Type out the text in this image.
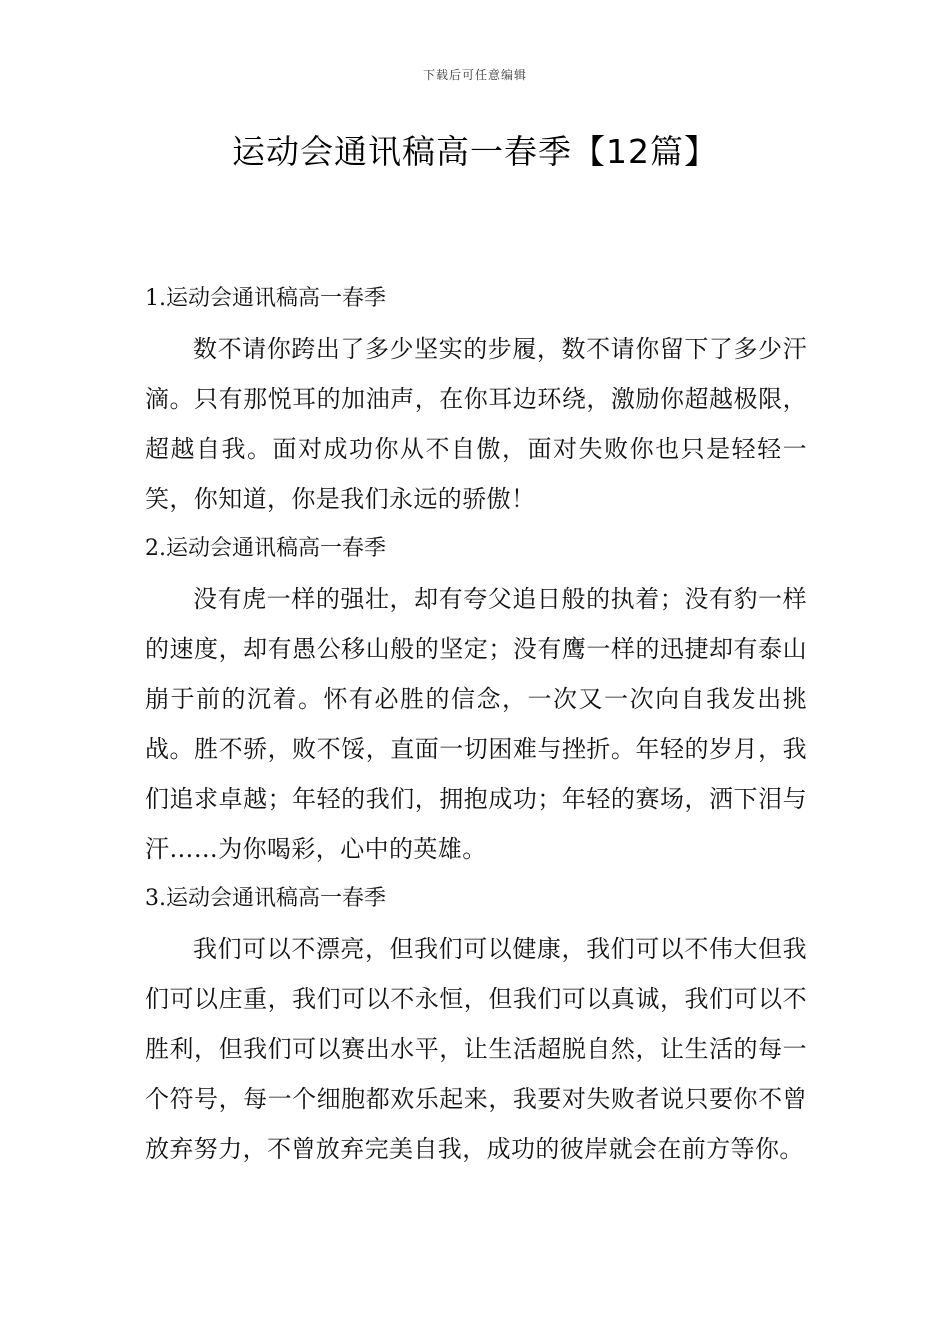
下载后可任意编辑
运动会通讯稿高一春季【12篇】

1.运动会通讯稿高一春季

数不请你跨出了多少坚实的步履，数不请你留下了多少汗滴。只有那悦耳的加油声，在你耳边环绕，激励你超越极限，超越自我。面对成功你从不自傲，面对失败你也只是轻轻一笑，你知道，你是我们永远的骄傲！

2.运动会通讯稿高一春季

没有虎一样的强壮，却有夸父追日般的执着；没有豹一样的速度，却有愚公移山般的坚定；没有鹰一样的迅捷却有泰山崩于前的沉着。怀有必胜的信念，一次又一次向自我发出挑战。胜不骄，败不馁，直面一切困难与挫折。年轻的岁月，我们追求卓越；年轻的我们，拥抱成功；年轻的赛场，洒下泪与汗……为你喝彩，心中的英雄。

3.运动会通讯稿高一春季

我们可以不漂亮，但我们可以健康，我们可以不伟大但我们可以庄重，我们可以不永恒，但我们可以真诚，我们可以不胜利，但我们可以赛出水平，让生活超脱自然，让生活的每一个符号，每一个细胞都欢乐起来，我要对失败者说只要你不曾放弃努力，不曾放弃完美自我，成功的彼岸就会在前方等你。
